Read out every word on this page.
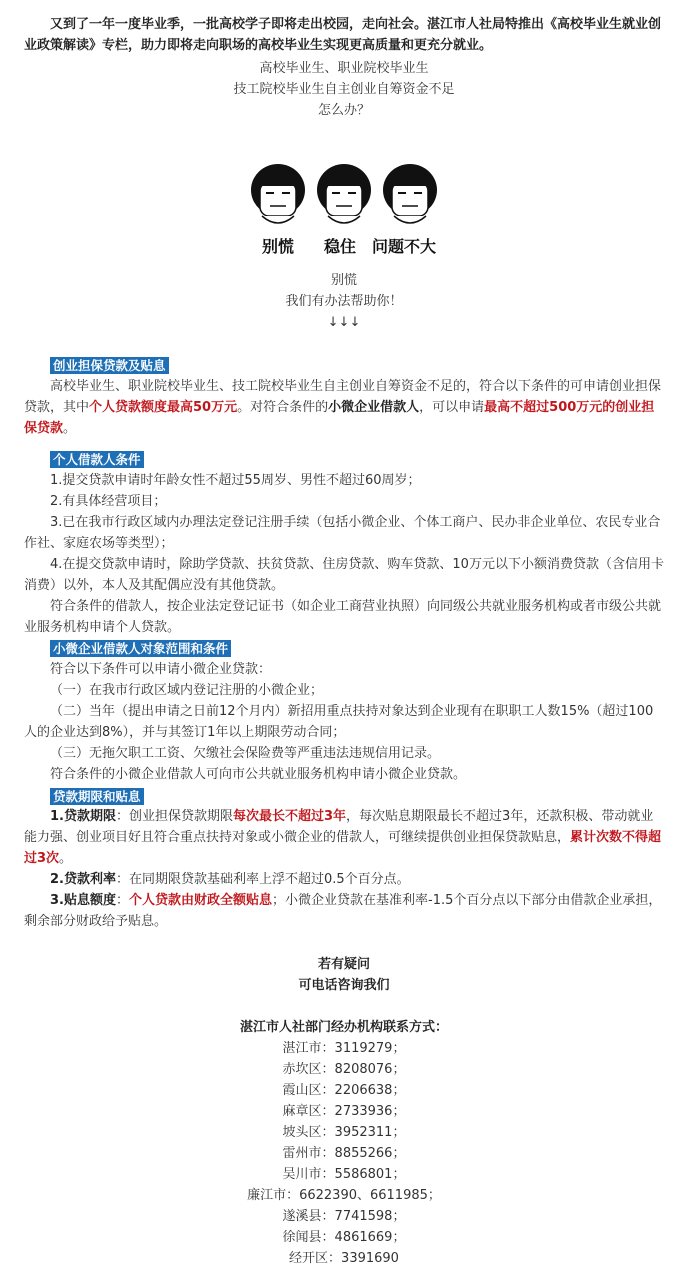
又到了一年一度毕业季，一批高校学子即将走出校园，走向社会。湛江市人社局特推出《高校毕业生就业创业政策解读》专栏，助力即将走向职场的高校毕业生实现更高质量和更充分就业。

高校毕业生、职业院校毕业生
技工院校毕业生自主创业自筹资金不足
怎么办？
别慌 稳住 问题不大
别慌
我们有办法帮助你！
↓↓↓
创业担保贷款及贴息

高校毕业生、职业院校毕业生、技工院校毕业生自主创业自筹资金不足的，符合以下条件的可申请创业担保贷款，其中个人贷款额度最高50万元。对符合条件的小微企业借款人，可以申请最高不超过500万元的创业担保贷款。

个人借款人条件

1.提交贷款申请时年龄女性不超过55周岁、男性不超过60周岁；

2.有具体经营项目；

3.已在我市行政区域内办理法定登记注册手续（包括小微企业、个体工商户、民办非企业单位、农民专业合作社、家庭农场等类型）；

4.在提交贷款申请时，除助学贷款、扶贫贷款、住房贷款、购车贷款、10万元以下小额消费贷款（含信用卡消费）以外，本人及其配偶应没有其他贷款。

符合条件的借款人，按企业法定登记证书（如企业工商营业执照）向同级公共就业服务机构或者市级公共就业服务机构申请个人贷款。

小微企业借款人对象范围和条件

符合以下条件可以申请小微企业贷款：

（一）在我市行政区域内登记注册的小微企业；

（二）当年（提出申请之日前12个月内）新招用重点扶持对象达到企业现有在职职工人数15%（超过100人的企业达到8%），并与其签订1年以上期限劳动合同；

（三）无拖欠职工工资、欠缴社会保险费等严重违法违规信用记录。

符合条件的小微企业借款人可向市公共就业服务机构申请小微企业贷款。

贷款期限和贴息

1.贷款期限：创业担保贷款期限每次最长不超过3年，每次贴息期限最长不超过3年，还款积极、带动就业能力强、创业项目好且符合重点扶持对象或小微企业的借款人，可继续提供创业担保贷款贴息，累计次数不得超过3次。

2.贷款利率：在同期限贷款基础利率上浮不超过0.5个百分点。

3.贴息额度：个人贷款由财政全额贴息；小微企业贷款在基准利率-1.5个百分点以下部分由借款企业承担，剩余部分财政给予贴息。

若有疑问
可电话咨询我们
湛江市人社部门经办机构联系方式：
湛江市：3119279；
赤坎区：8208076；
霞山区：2206638；
麻章区：2733936；
坡头区：3952311；
雷州市：8855266；
吴川市：5586801；
廉江市：6622390、6611985；
遂溪县：7741598；
徐闻县：4861669；
经开区：3391690
